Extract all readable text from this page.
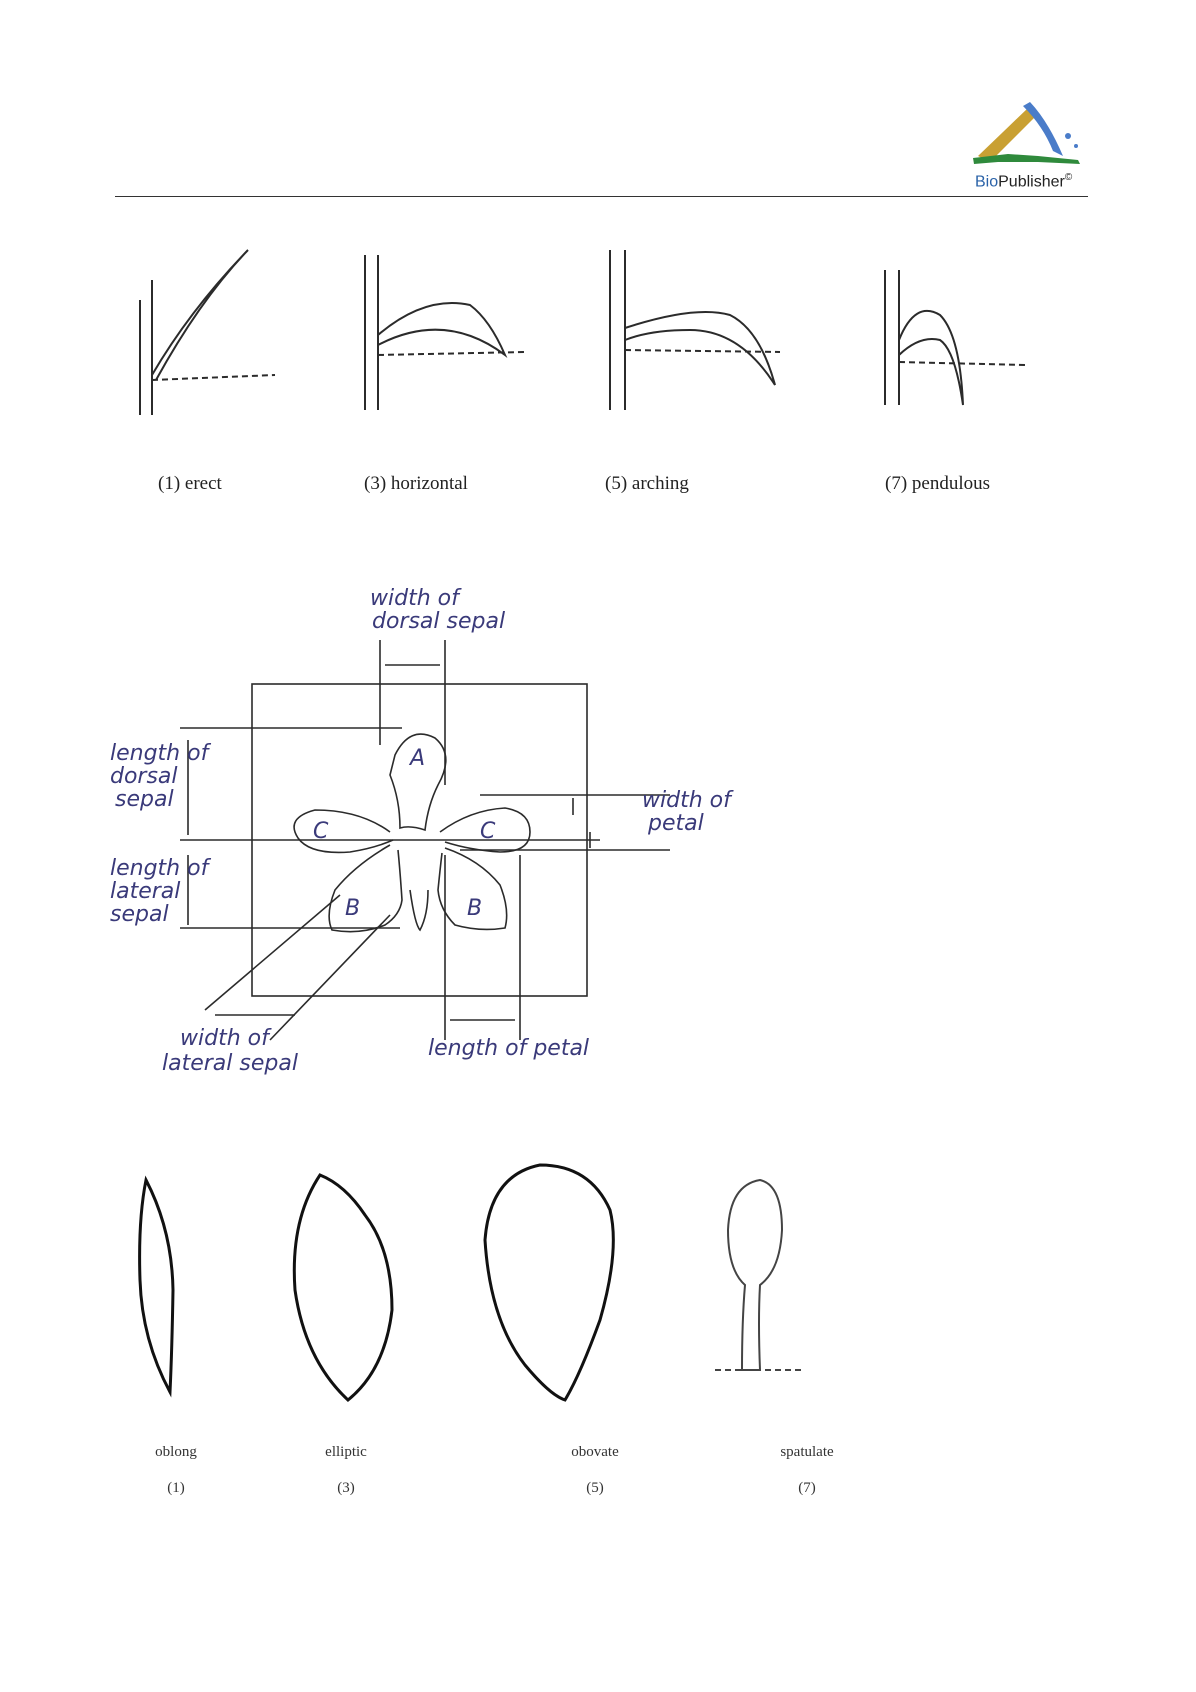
BioPublisher©
(1) erect	(3) horizontal	(5) arching	(7) pendulous
A
C	C
B	B
width of
dorsal sepal
length of
dorsal
sepal	width of
petal
length of
lateral
sepal
width of
lateral sepal
length of petal
oblong	elliptic	obovate	spatulate
(1)	(3)	(5)	(7)
